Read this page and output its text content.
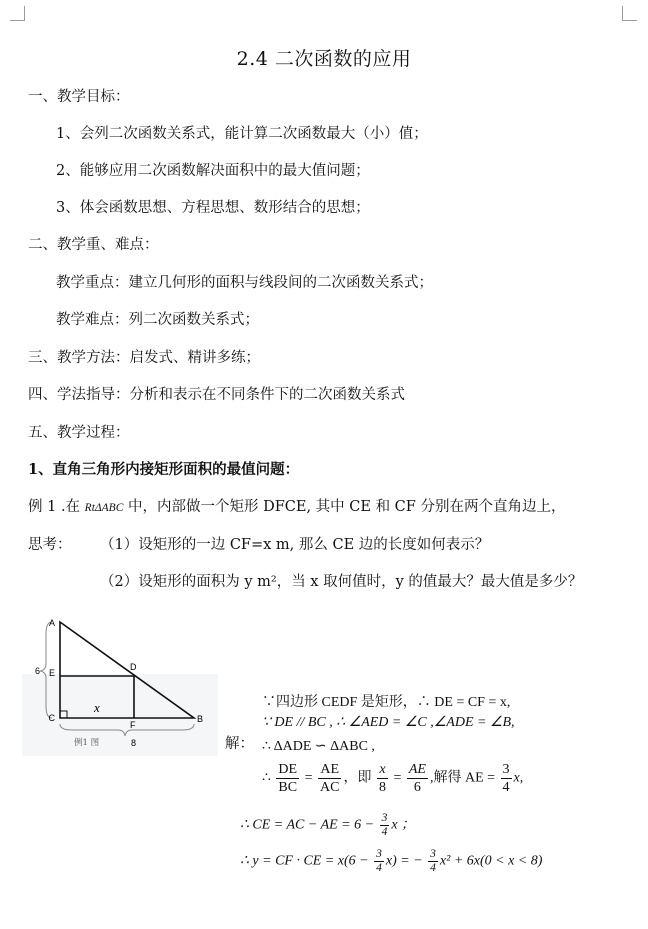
2.4 二次函数的应用
一、教学目标：
1、会列二次函数关系式，能计算二次函数最大（小）值；
2、能够应用二次函数解决面积中的最大值问题；
3、体会函数思想、方程思想、数形结合的思想；
二、教学重、难点：
教学重点：建立几何形的面积与线段间的二次函数关系式；
教学难点：列二次函数关系式；
三、教学方法：启发式、精讲多练；
四、学法指导：分析和表示在不同条件下的二次函数关系式
五、教学过程：
1、直角三角形内接矩形面积的最值问题：
例 1 .在 RtΔABC 中，内部做一个矩形 DFCE, 其中 CE 和 CF 分别在两个直角边上，
思考： （1）设矩形的一边 CF=x m, 那么 CE 边的长度如何表示？
（2）设矩形的面积为 y m²，当 x 取何值时，y 的值最大？最大值是多少？
A
E
C
D
F
B
x
6
8
例1 图	解：
∵四边形 CEDF 是矩形，∴ DE = CF = x,
∵ DE // BC , ∴ ∠AED = ∠C ,∠ADE = ∠B,
∴ ΔADE ∽ ΔABC ,
∴ $\frac{DE}{BC} = \frac{AE}{AC}$ ，即 $\frac{x}{8} = \frac{AE}{6}$ ,解得 AE = $\frac{3}{4} x$,
∴ CE = AC − AE = $6 - \frac{3}{4}$ x ；
∴ y = CF · CE = $x(6 - \frac{3}{4} x)$ = − $\frac{3}{4} x^2 + 6x(0 < x < 8)$
